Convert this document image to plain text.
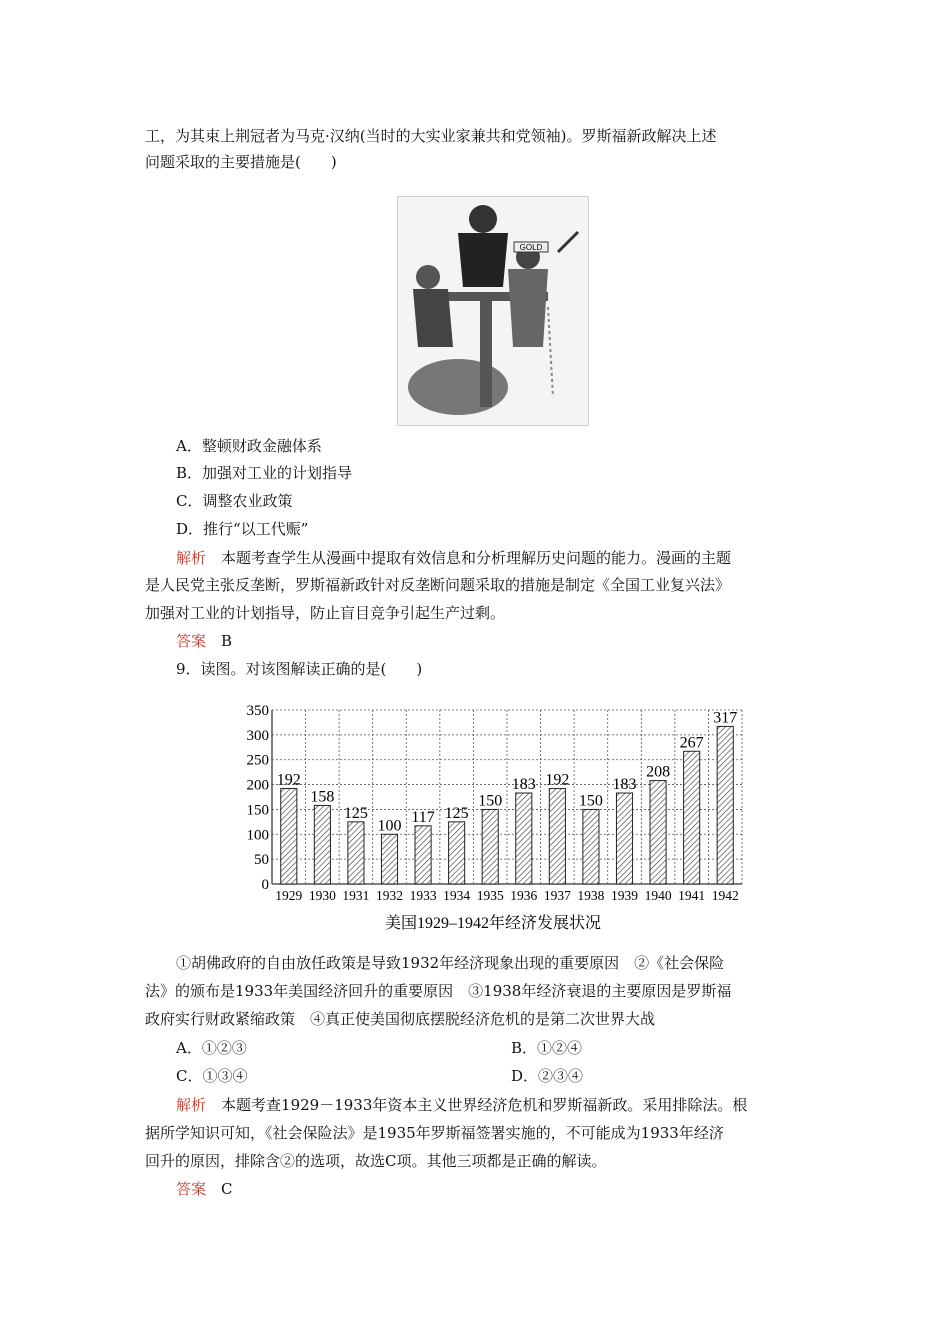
工，为其束上荆冠者为马克·汉纳(当时的大实业家兼共和党领袖)。罗斯福新政解决上述
问题采取的主要措施是(　　)
GOLD
A．整顿财政金融体系
B．加强对工业的计划指导
C．调整农业政策
D．推行“以工代赈”
解析　 本题考查学生从漫画中提取有效信息和分析理解历史问题的能力。漫画的主题
是人民党主张反垄断，罗斯福新政针对反垄断问题采取的措施是制定《全国工业复兴法》
加强对工业的计划指导，防止盲目竞争引起生产过剩。
答案　 B
9．读图。对该图解读正确的是(　　)
0
50
100
150
200
250
300
350
192
1929
158
1930
125
1931
100
1932
117
1933
125
1934
150
1935
183
1936
192
1937
150
1938
183
1939
208
1940
267
1941
317
1942
美国1929–1942年经济发展状况
①胡佛政府的自由放任政策是导致1932年经济现象出现的重要原因　②《社会保险
法》的颁布是1933年美国经济回升的重要原因　③1938年经济衰退的主要原因是罗斯福
政府实行财政紧缩政策　④真正使美国彻底摆脱经济危机的是第二次世界大战
A．①②③	B．①②④
C．①③④	D．②③④
解析　 本题考查1929－1933年资本主义世界经济危机和罗斯福新政。采用排除法。根
据所学知识可知，《社会保险法》是1935年罗斯福签署实施的，不可能成为1933年经济
回升的原因，排除含②的选项，故选C项。其他三项都是正确的解读。
答案　 C
